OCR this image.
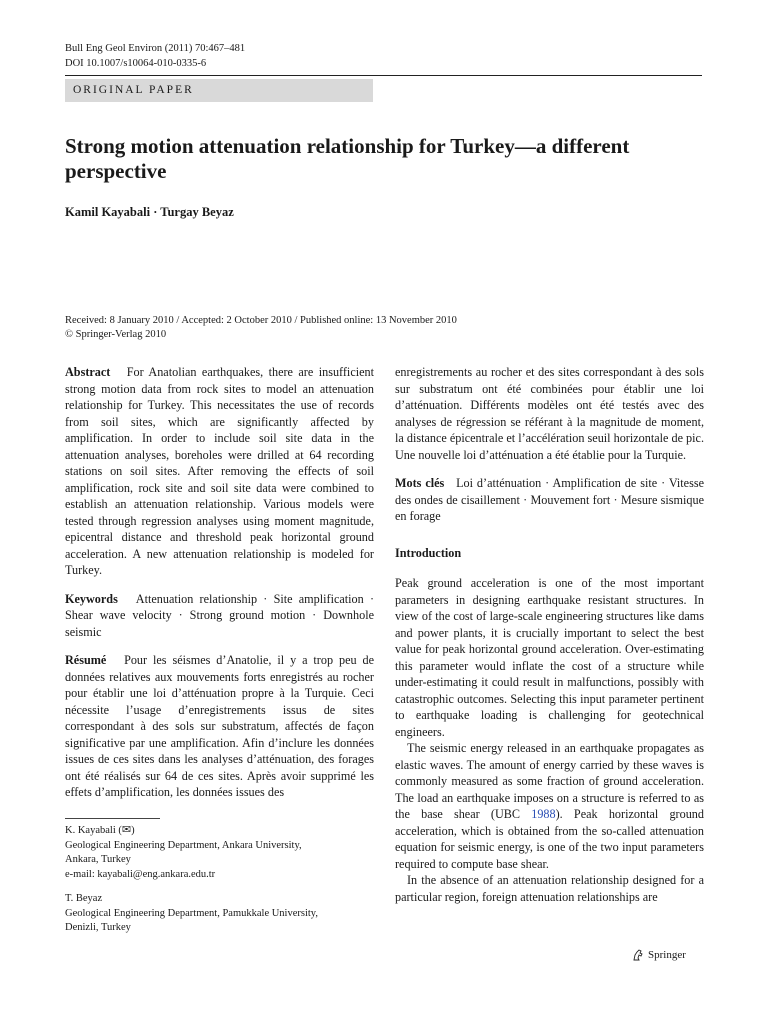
Bull Eng Geol Environ (2011) 70:467–481
DOI 10.1007/s10064-010-0335-6
ORIGINAL PAPER
Strong motion attenuation relationship for Turkey—a different perspective
Kamil Kayabali · Turgay Beyaz
Received: 8 January 2010 / Accepted: 2 October 2010 / Published online: 13 November 2010
© Springer-Verlag 2010

Abstract For Anatolian earthquakes, there are insufficient strong motion data from rock sites to model an attenuation relationship for Turkey. This necessitates the use of records from soil sites, which are significantly affected by amplification. In order to include soil site data in the attenuation analyses, boreholes were drilled at 64 recording stations on soil sites. After removing the effects of soil amplification, rock site and soil site data were combined to establish an attenuation relationship. Various models were tested through regression analyses using moment magnitude, epicentral distance and threshold peak horizontal ground acceleration. A new attenuation relationship is modeled for Turkey.

Keywords Attenuation relationship · Site amplification · Shear wave velocity · Strong ground motion · Downhole seismic

Résumé Pour les séismes d’Anatolie, il y a trop peu de données relatives aux mouvements forts enregistrés au rocher pour établir une loi d’atténuation propre à la Turquie. Ceci nécessite l’usage d’enregistrements issus de sites correspondant à des sols sur substratum, affectés de façon significative par une amplification. Afin d’inclure les données issues de ces sites dans les analyses d’atténuation, des forages ont été réalisés sur 64 de ces sites. Après avoir supprimé les effets d’amplification, les données issues des

enregistrements au rocher et des sites correspondant à des sols sur substratum ont été combinées pour établir une loi d’atténuation. Différents modèles ont été testés avec des analyses de régression se référant à la magnitude de moment, la distance épicentrale et l’accélération seuil horizontale de pic. Une nouvelle loi d’atténuation a été établie pour la Turquie.

Mots clés Loi d’atténuation · Amplification de site · Vitesse des ondes de cisaillement · Mouvement fort · Mesure sismique en forage

Introduction

Peak ground acceleration is one of the most important parameters in designing earthquake resistant structures. In view of the cost of large-scale engineering structures like dams and power plants, it is crucially important to select the best value for peak horizontal ground acceleration. Over-estimating this parameter would inflate the cost of a structure while under-estimating it could result in malfunctions, possibly with catastrophic outcomes. Selecting this input parameter pertinent to earthquake loading is challenging for geotechnical engineers.

The seismic energy released in an earthquake propagates as elastic waves. The amount of energy carried by these waves is commonly measured as some fraction of ground acceleration. The load an earthquake imposes on a structure is referred to as the base shear (UBC 1988). Peak horizontal ground acceleration, which is obtained from the so-called attenuation equation for seismic energy, is one of the two input parameters required to compute base shear.

In the absence of an attenuation relationship designed for a particular region, foreign attenuation relationships are

K. Kayabali (✉)
Geological Engineering Department, Ankara University,
Ankara, Turkey
e-mail: kayabali@eng.ankara.edu.tr
T. Beyaz
Geological Engineering Department, Pamukkale University,
Denizli, Turkey
Springer
